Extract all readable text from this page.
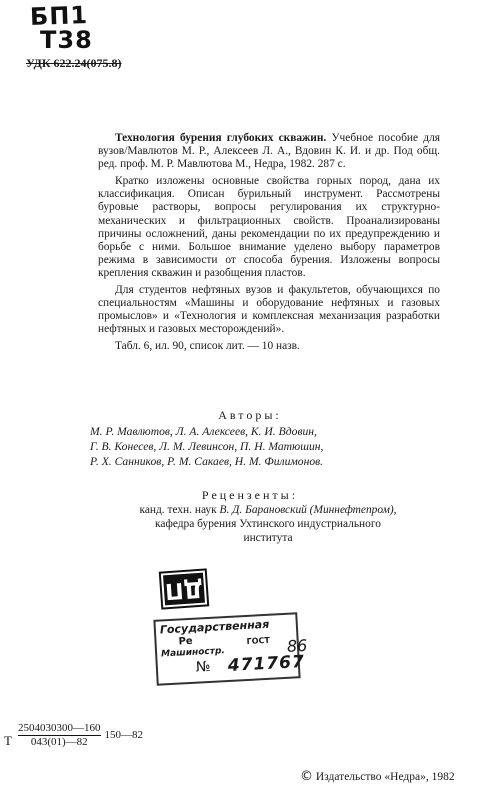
БП1
Т38
УДК 622.24(075.8)

Технология бурения глубоких скважин. Учебное пособие для вузов/Мавлютов М. Р., Алексеев Л. А., Вдовин К. И. и др. Под общ. ред. проф. М. Р. Мавлютова М., Недра, 1982. 287 с.

Кратко изложены основные свойства горных пород, дана их классификация. Описан бурильный инструмент. Рассмотрены буровые растворы, вопросы регулирования их структурно-механических и фильтрационных свойств. Проанализированы причины осложнений, даны рекомендации по их предупреждению и борьбе с ними. Большое внимание уделено выбору параметров режима в зависимости от способа бурения. Изложены вопросы крепления скважин и разобщения пластов.

Для студентов нефтяных вузов и факультетов, обучающихся по специальностям «Машины и оборудование нефтяных и газовых промыслов» и «Технология и комплексная механизация разработки нефтяных и газовых месторождений».

Табл. 6, ил. 90, список лит. — 10 назв.

Авторы:
М. Р. Мавлютов, Л. А. Алексеев, К. И. Вдовин,
Г. В. Конесев, Л. М. Левинсон, П. Н. Матюшин,
Р. Х. Санников, Р. М. Сакаев, Н. М. Филимонов.
Рецензенты:
канд. техн. наук В. Д. Барановский (Миннефтепром),
кафедра бурения Ухтинского индустриального
института
ДП
Государственная
Ре
Машиностр.
ГОСТ
№ 471767
86
Т $\frac{2504030300—160}{043(01)—82}$ 150—82
© Издательство «Недра», 1982
